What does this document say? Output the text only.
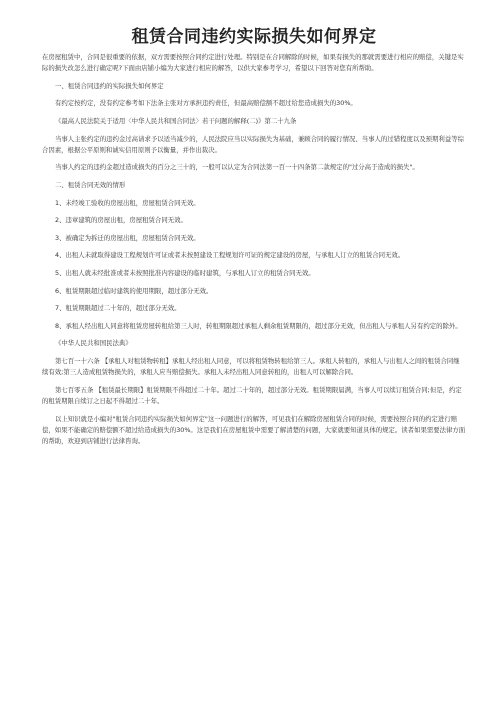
租赁合同违约实际损失如何界定

在房屋租赁中，合同是很重要的依据，双方需要按照合同约定进行处理。特别是在合同解除的时候，如果有损失的那就需要进行相应的赔偿，关键是实际的损失改怎么进行确定呢?下面由店铺小编为大家进行相应的解答，以供大家参考学习，希望以下回答对您有所帮助。

一、租赁合同违约的实际损失如何界定

有约定按约定，没有约定参考如下法条主张对方承担违约责任，但最高赔偿额不超过给您造成损失的30%。

《最高人民法院关于适用〈中华人民共和国合同法〉若干问题的解释(二)》第二十九条

当事人主张约定的违约金过高请求予以适当减少的，人民法院应当以实际损失为基础，兼顾合同的履行情况、当事人的过错程度以及预期利益等综合因素，根据公平原则和诚实信用原则予以衡量，并作出裁决。

当事人约定的违约金超过造成损失的百分之三十的，一般可以认定为合同法第一百一十四条第二款规定的"过分高于造成的损失"。

二、租赁合同无效的情形

1、未经竣工验收的房屋出租，房屋租赁合同无效。

2、违章建筑的房屋出租，房屋租赁合同无效。

3、被确定为拆迁的房屋出租，房屋租赁合同无效。

4、出租人未就取得建设工程规划许可证或者未按照建设工程规划许可证的规定建设的房屋，与承租人订立的租赁合同无效。

5、出租人就未经批准或者未按照批准内容建设的临时建筑，与承租人订立的租赁合同无效。

6、租赁期限超过临时建筑的使用期限，超过部分无效。

7、租赁期限超过二十年的，超过部分无效。

8、承租人经出租人同意将租赁房屋转租给第三人时，转租期限超过承租人剩余租赁期限的，超过部分无效，但出租人与承租人另有约定的除外。

《中华人民共和国民法典》

第七百一十六条 【承租人对租赁物转租】承租人经出租人同意，可以将租赁物转租给第三人。承租人转租的，承租人与出租人之间的租赁合同继续有效;第三人造成租赁物损失的，承租人应当赔偿损失。承租人未经出租人同意转租的，出租人可以解除合同。

第七百零五条 【租赁最长期限】租赁期限不得超过二十年。超过二十年的，超过部分无效。租赁期限届满，当事人可以续订租赁合同;但是，约定的租赁期限自续订之日起不得超过二十年。

以上知识就是小编对"租赁合同违约实际损失如何界定"这一问题进行的解答，可见我们在解除房屋租赁合同的时候，需要按照合同的约定进行赔偿，如果不能确定的赔偿额不超过给造成损失的30%。这是我们在房屋租赁中需要了解清楚的问题，大家就要知道具体的规定。读者如果需要法律方面的帮助，欢迎到店铺进行法律咨询。
